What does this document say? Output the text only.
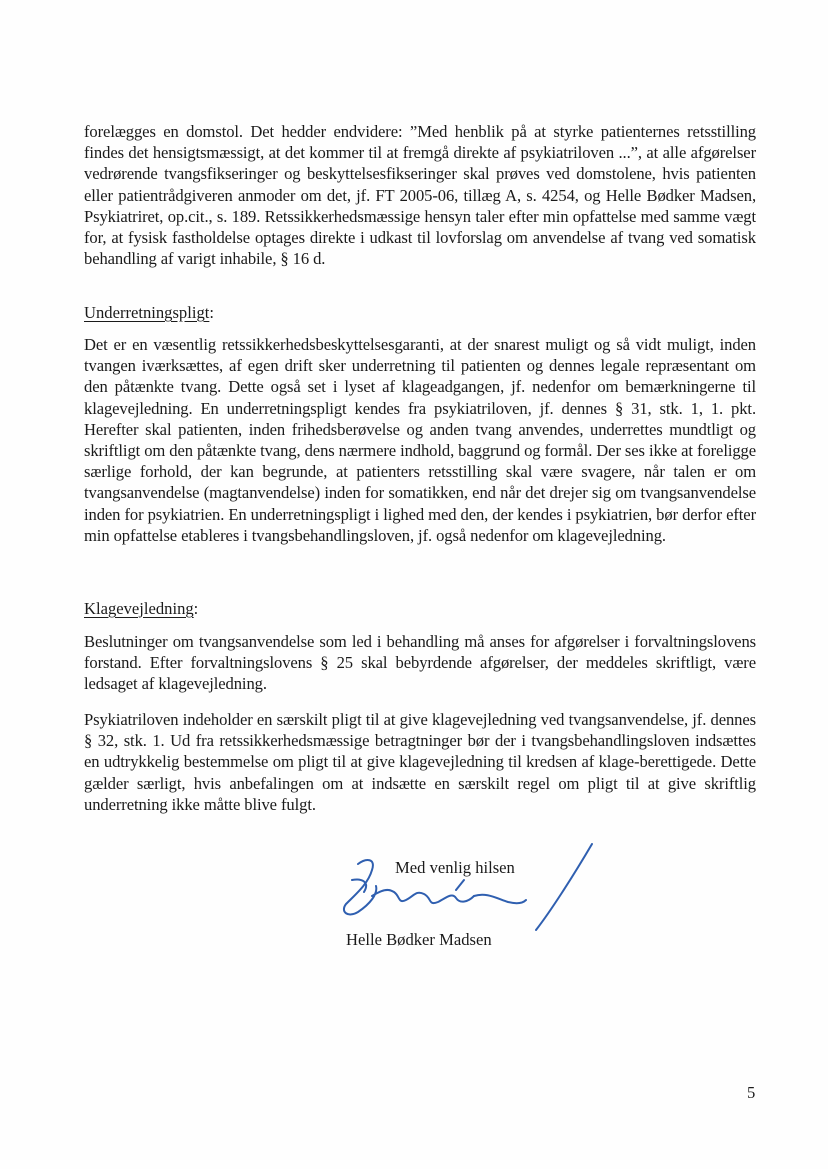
forelægges en domstol. Det hedder endvidere: ”Med henblik på at styrke patienternes retsstilling findes det hensigtsmæssigt, at det kommer til at fremgå direkte af psykiatriloven ...”, at alle afgørelser vedrørende tvangsfikseringer og beskyttelsesfikseringer skal prøves ved domstolene, hvis patienten eller patientrådgiveren anmoder om det, jf. FT 2005-06, tillæg A, s. 4254, og Helle Bødker Madsen, Psykiatriret, op.cit., s. 189. Retssikkerhedsmæssige hensyn taler efter min opfattelse med samme vægt for, at fysisk fastholdelse optages direkte i udkast til lovforslag om anvendelse af tvang ved somatisk behandling af varigt inhabile, § 16 d.

Underretningspligt:

Det er en væsentlig retssikkerhedsbeskyttelsesgaranti, at der snarest muligt og så vidt muligt, inden tvangen iværksættes, af egen drift sker underretning til patienten og dennes legale repræsentant om den påtænkte tvang. Dette også set i lyset af klageadgangen, jf. nedenfor om bemærkningerne til klagevejledning. En underretningspligt kendes fra psykiatriloven, jf. dennes § 31, stk. 1, 1. pkt. Herefter skal patienten, inden frihedsberøvelse og anden tvang anvendes, underrettes mundtligt og skriftligt om den påtænkte tvang, dens nærmere indhold, baggrund og formål. Der ses ikke at foreligge særlige forhold, der kan begrunde, at patienters retsstilling skal være svagere, når talen er om tvangsanvendelse (magtanvendelse) inden for somatikken, end når det drejer sig om tvangsanvendelse inden for psykiatrien. En underretningspligt i lighed med den, der kendes i psykiatrien, bør derfor efter min opfattelse etableres i tvangsbehandlingsloven, jf. også nedenfor om klagevejledning.

Klagevejledning:

Beslutninger om tvangsanvendelse som led i behandling må anses for afgørelser i forvaltningslovens forstand. Efter forvaltningslovens § 25 skal bebyrdende afgørelser, der meddeles skriftligt, være ledsaget af klagevejledning.

Psykiatriloven indeholder en særskilt pligt til at give klagevejledning ved tvangsanvendelse, jf. dennes § 32, stk. 1. Ud fra retssikkerhedsmæssige betragtninger bør der i tvangsbehandlingsloven indsættes en udtrykkelig bestemmelse om pligt til at give klagevejledning til kredsen af klage-berettigede. Dette gælder særligt, hvis anbefalingen om at indsætte en særskilt regel om pligt til at give skriftlig underretning ikke måtte blive fulgt.

Med venlig hilsen

Helle Bødker Madsen

5
